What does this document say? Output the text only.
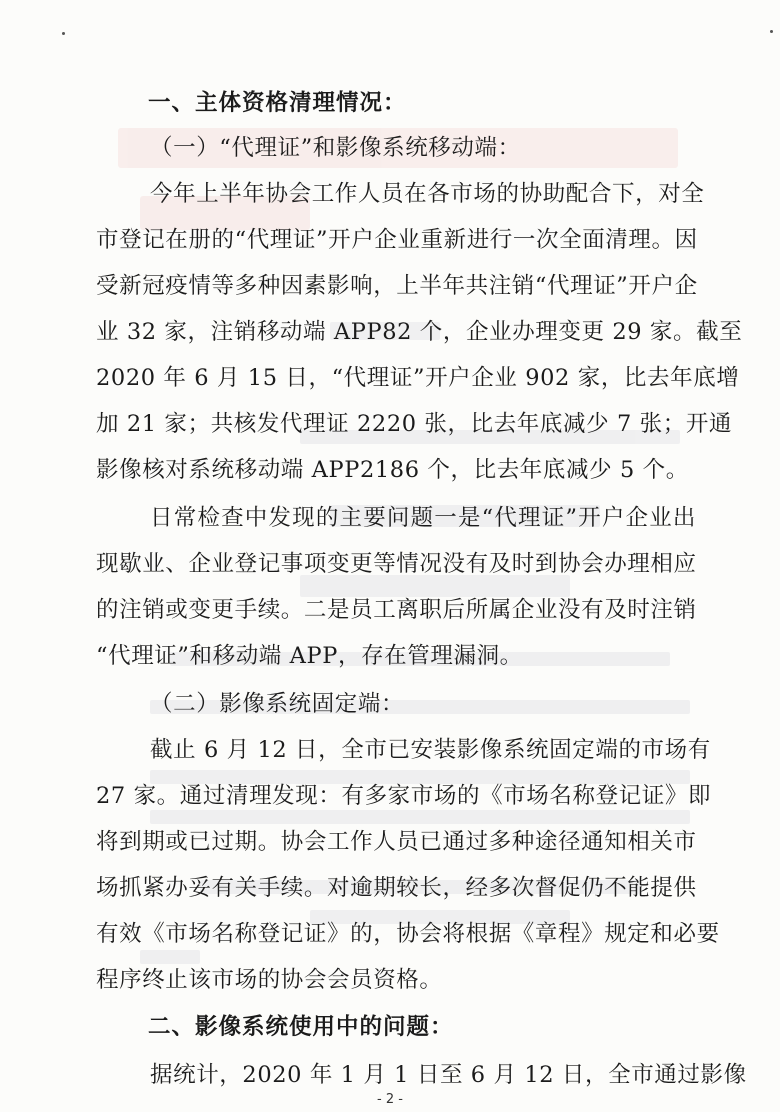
一、主体资格清理情况：
（一）“代理证”和影像系统移动端：
今年上半年协会工作人员在各市场的协助配合下，对全
市登记在册的“代理证”开户企业重新进行一次全面清理。因
受新冠疫情等多种因素影响，上半年共注销“代理证”开户企
业 32 家，注销移动端 APP82 个，企业办理变更 29 家。截至
2020 年 6 月 15 日，“代理证”开户企业 902 家，比去年底增
加 21 家；共核发代理证 2220 张，比去年底减少 7 张；开通
影像核对系统移动端 APP2186 个，比去年底减少 5 个。
日常检查中发现的主要问题一是“代理证”开户企业出
现歇业、企业登记事项变更等情况没有及时到协会办理相应
的注销或变更手续。二是员工离职后所属企业没有及时注销
“代理证”和移动端 APP，存在管理漏洞。
（二）影像系统固定端：
截止 6 月 12 日，全市已安装影像系统固定端的市场有
27 家。通过清理发现：有多家市场的《市场名称登记证》即
将到期或已过期。协会工作人员已通过多种途径通知相关市
场抓紧办妥有关手续。对逾期较长，经多次督促仍不能提供
有效《市场名称登记证》的，协会将根据《章程》规定和必要
程序终止该市场的协会会员资格。
二、影像系统使用中的问题：
据统计，2020 年 1 月 1 日至 6 月 12 日，全市通过影像
- 2 -
